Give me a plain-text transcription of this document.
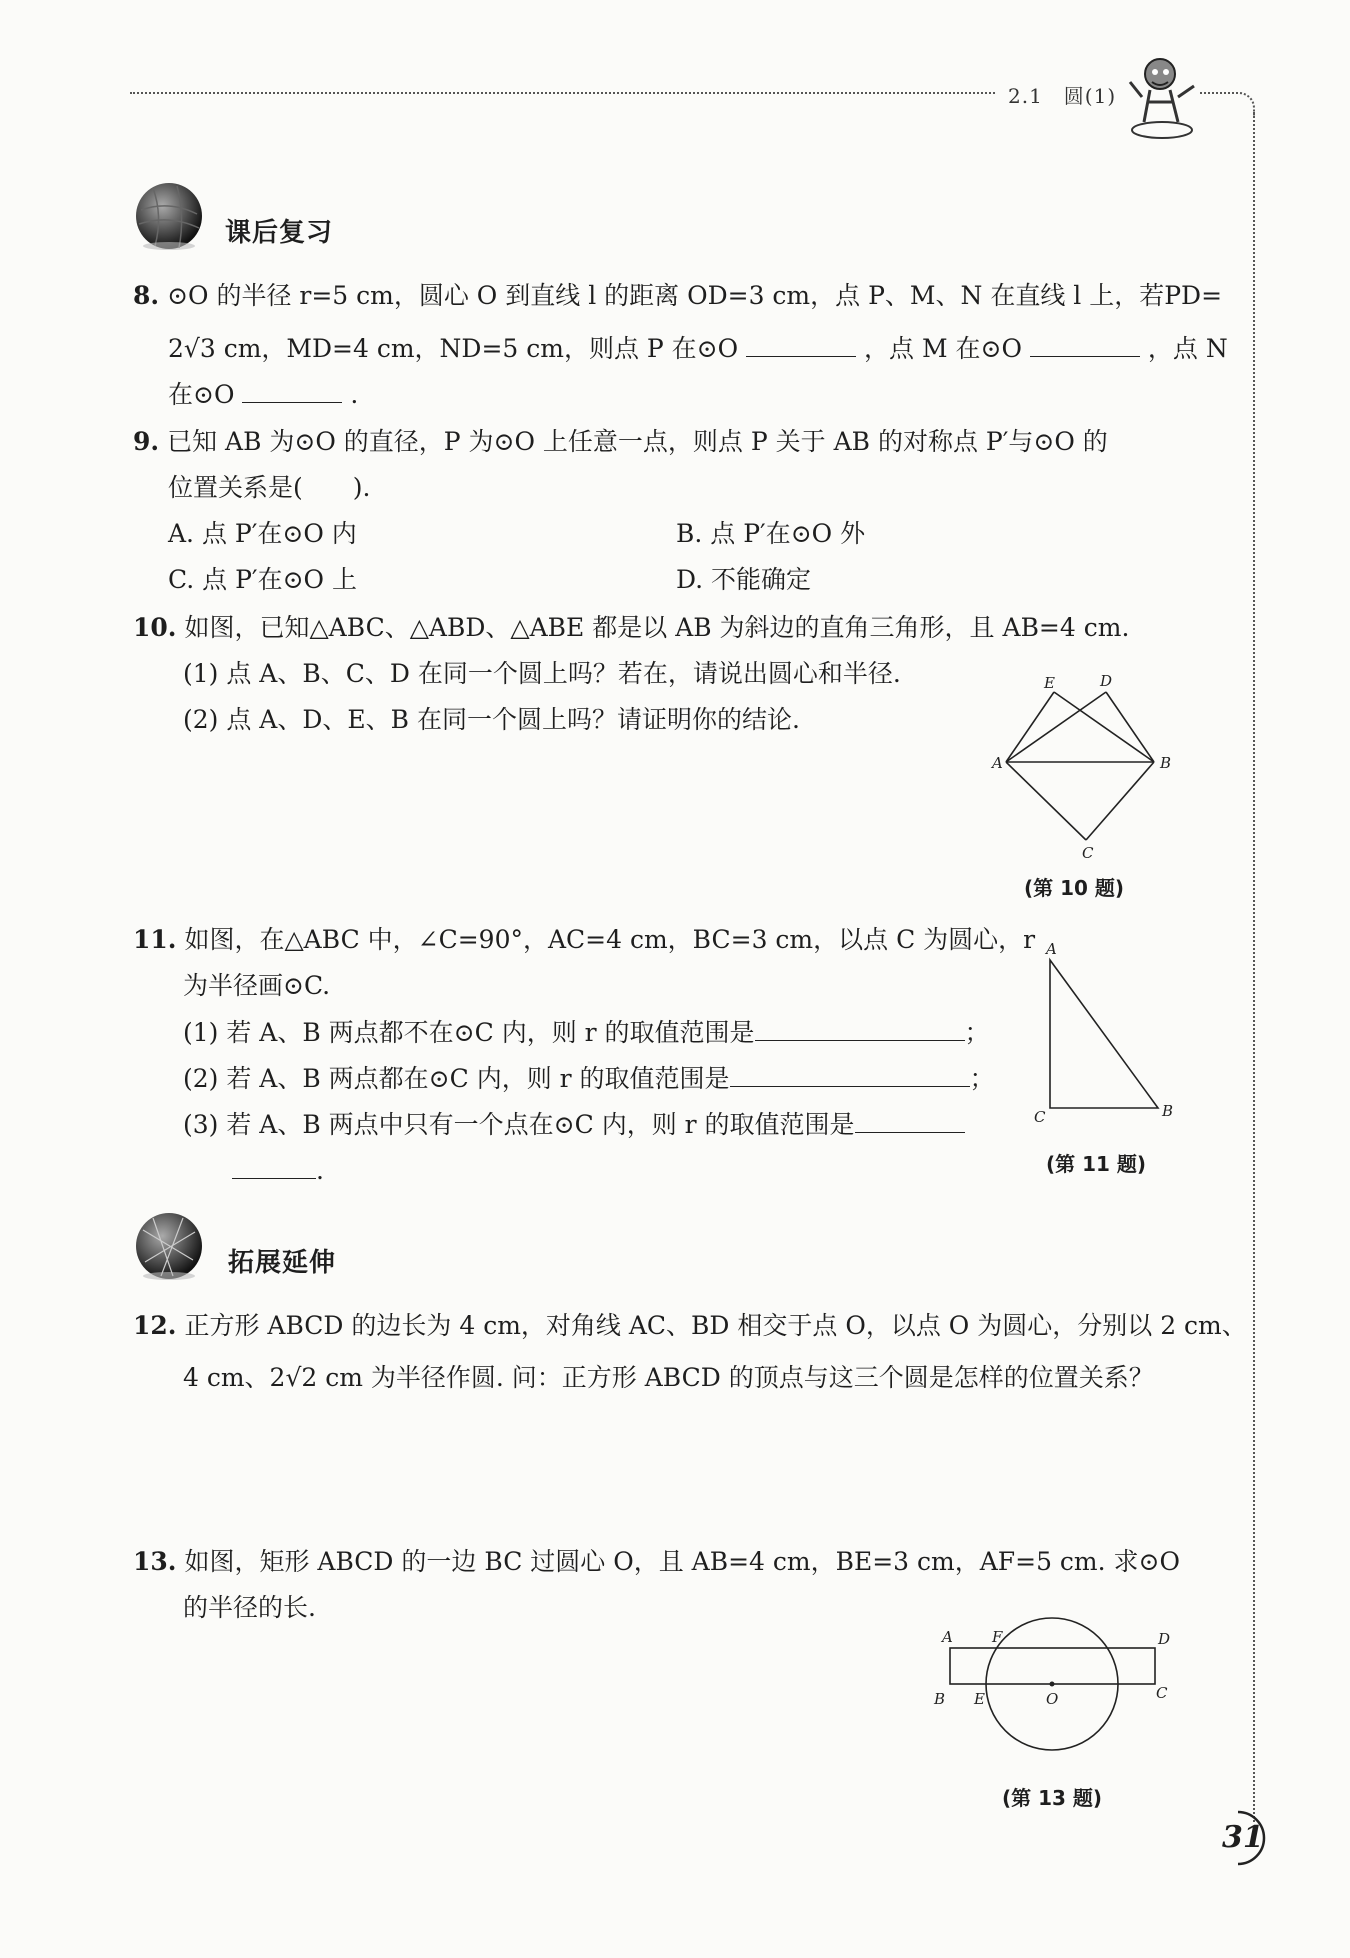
2.1　圆(1)
课后复习
8. ⊙O 的半径 r=5 cm，圆心 O 到直线 l 的距离 OD=3 cm，点 P、M、N 在直线 l 上，若PD=
2√3 cm，MD=4 cm，ND=5 cm，则点 P 在⊙O	，点 M 在⊙O	，点 N
在⊙O	.
9. 已知 AB 为⊙O 的直径，P 为⊙O 上任意一点，则点 P 关于 AB 的对称点 P′与⊙O 的
位置关系是(　　).
A. 点 P′在⊙O 内	B. 点 P′在⊙O 外
C. 点 P′在⊙O 上	D. 不能确定
10. 如图，已知△ABC、△ABD、△ABE 都是以 AB 为斜边的直角三角形，且 AB=4 cm.
(1) 点 A、B、C、D 在同一个圆上吗？若在，请说出圆心和半径.
(2) 点 A、D、E、B 在同一个圆上吗？请证明你的结论.
A	B
C
D
E
(第 10 题)
11. 如图，在△ABC 中，∠C=90°，AC=4 cm，BC=3 cm，以点 C 为圆心，r
为半径画⊙C.
(1) 若 A、B 两点都不在⊙C 内，则 r 的取值范围是	；
(2) 若 A、B 两点都在⊙C 内，则 r 的取值范围是	；
(3) 若 A、B 两点中只有一个点在⊙C 内，则 r 的取值范围是
.
A
C	B
(第 11 题)
拓展延伸
12. 正方形 ABCD 的边长为 4 cm，对角线 AC、BD 相交于点 O，以点 O 为圆心，分别以 2 cm、
4 cm、2√2 cm 为半径作圆. 问：正方形 ABCD 的顶点与这三个圆是怎样的位置关系？
13. 如图，矩形 ABCD 的一边 BC 过圆心 O，且 AB=4 cm，BE=3 cm，AF=5 cm. 求⊙O
的半径的长.
A	F	D
B E	O	C
(第 13 题)
31
